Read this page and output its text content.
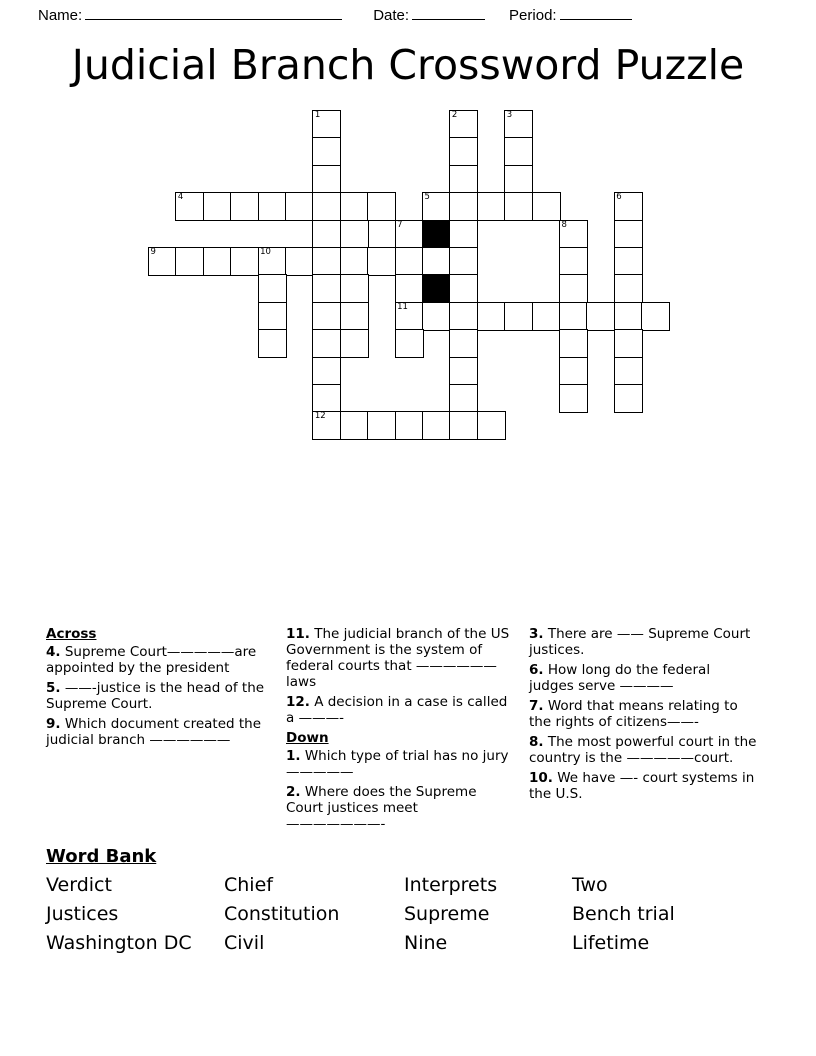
Name:	Date:	Period:
Judicial Branch Crossword Puzzle
1	2	3
4	5	6
7	8
9	10
11
12
Across
4. Supreme Court—————are appointed by the president
5. ——-justice is the head of the Supreme Court.
9. Which document created the judicial branch ——————
11. The judicial branch of the US Government is the system of federal courts that ——————laws
12. A decision in a case is called a ———-
Down
1. Which type of trial has no jury —————
2. Where does the Supreme Court justices meet ———————-
3. There are —— Supreme Court justices.
6. How long do the federal judges serve ————
7. Word that means relating to the rights of citizens——-
8. The most powerful court in the country is the —————court.
10. We have —- court systems in the U.S.
Word Bank
Verdict	Chief	Interprets	Two
Justices	Constitution	Supreme	Bench trial
Washington DC	Civil	Nine	Lifetime
